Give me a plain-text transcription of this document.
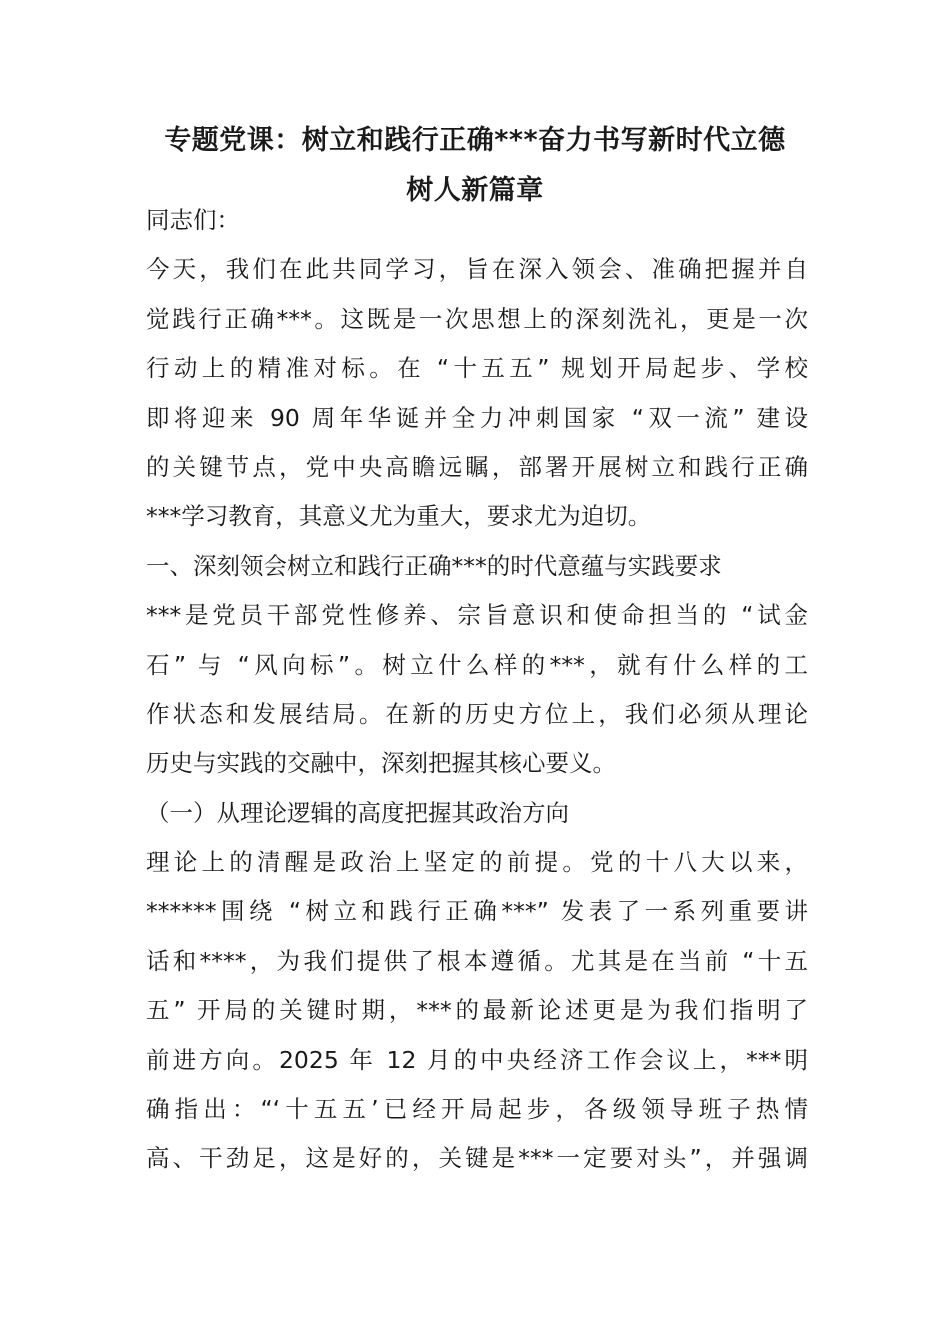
专题党课：树立和践行正确***奋力书写新时代立德
树人新篇章
同志们：
今天，我们在此共同学习，旨在深入领会、准确把握并自
觉践行正确***。这既是一次思想上的深刻洗礼，更是一次
行动上的精准对标。在 “十五五” 规划开局起步、学校
即将迎来 90 周年华诞并全力冲刺国家 “双一流” 建设
的关键节点，党中央高瞻远瞩，部署开展树立和践行正确
***学习教育，其意义尤为重大，要求尤为迫切。
一、深刻领会树立和践行正确***的时代意蕴与实践要求
***是党员干部党性修养、宗旨意识和使命担当的 “试金
石” 与 “风向标”。树立什么样的***，就有什么样的工
作状态和发展结局。在新的历史方位上，我们必须从理论
历史与实践的交融中，深刻把握其核心要义。
（一）从理论逻辑的高度把握其政治方向
理论上的清醒是政治上坚定的前提。党的十八大以来，
******围绕 “树立和践行正确***” 发表了一系列重要讲
话和****，为我们提供了根本遵循。尤其是在当前 “十五
五” 开局的关键时期，***的最新论述更是为我们指明了
前进方向。2025 年 12 月的中央经济工作会议上，***明
确指出：“‘十五五’已经开局起步，各级领导班子热情
高、干劲足，这是好的，关键是***一定要对头”，并强调
